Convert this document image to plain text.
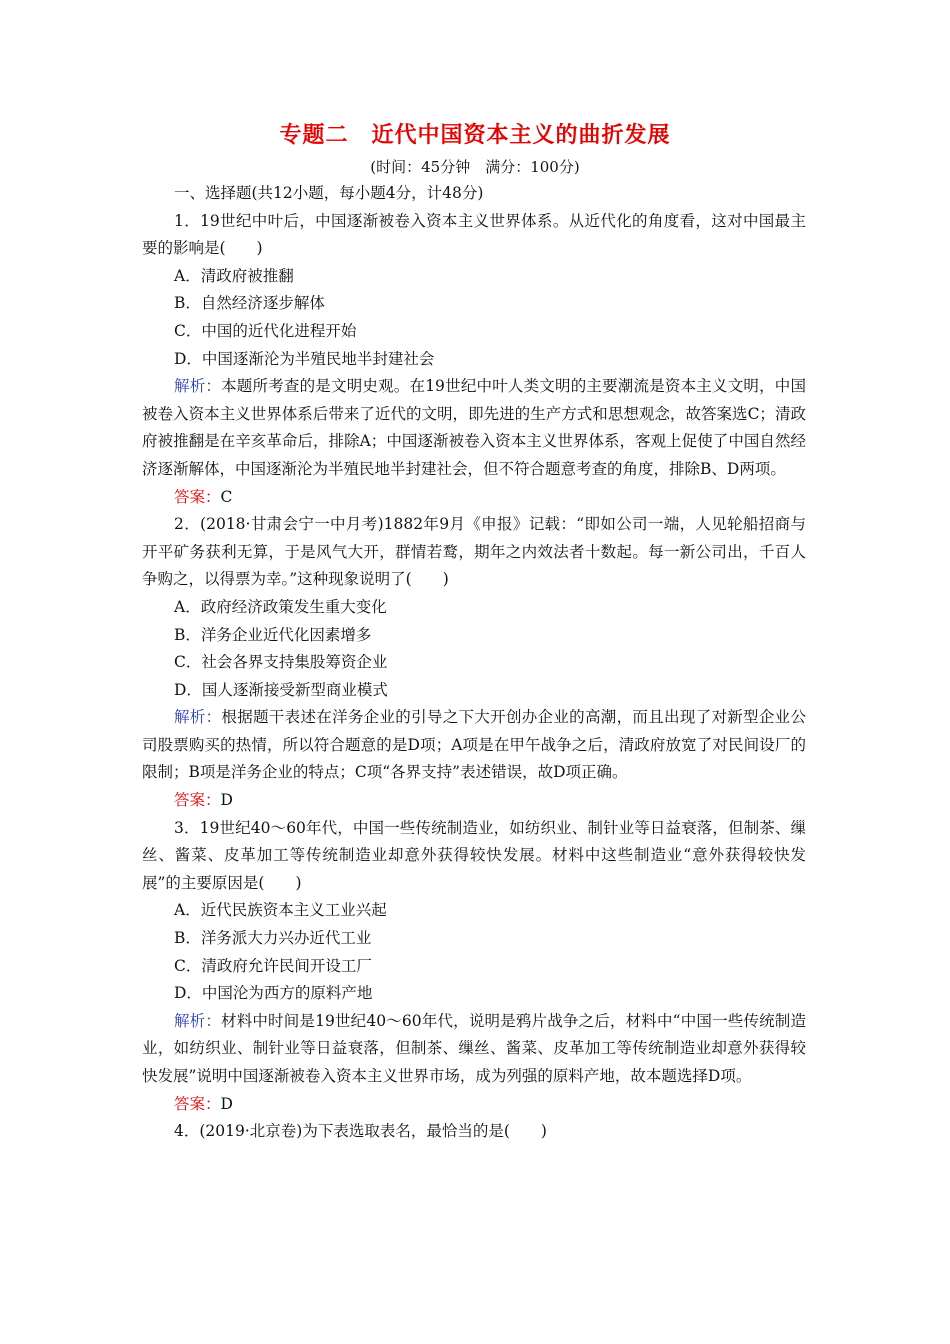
专题二　近代中国资本主义的曲折发展
(时间：45分钟　满分：100分)

一、选择题(共12小题，每小题4分，计48分)

1．19世纪中叶后，中国逐渐被卷入资本主义世界体系。从近代化的角度看，这对中国最主要的影响是(　　)

A．清政府被推翻

B．自然经济逐步解体

C．中国的近代化进程开始

D．中国逐渐沦为半殖民地半封建社会

解析：本题所考查的是文明史观。在19世纪中叶人类文明的主要潮流是资本主义文明，中国被卷入资本主义世界体系后带来了近代的文明，即先进的生产方式和思想观念，故答案选C；清政府被推翻是在辛亥革命后，排除A；中国逐渐被卷入资本主义世界体系，客观上促使了中国自然经济逐渐解体，中国逐渐沦为半殖民地半封建社会，但不符合题意考查的角度，排除B、D两项。

答案：C

2．(2018·甘肃会宁一中月考)1882年9月《申报》记载：“即如公司一端，人见轮船招商与开平矿务获利无算，于是风气大开，群情若鹜，期年之内效法者十数起。每一新公司出，千百人争购之，以得票为幸。”这种现象说明了(　　)

A．政府经济政策发生重大变化

B．洋务企业近代化因素增多

C．社会各界支持集股筹资企业

D．国人逐渐接受新型商业模式

解析：根据题干表述在洋务企业的引导之下大开创办企业的高潮，而且出现了对新型企业公司股票购买的热情，所以符合题意的是D项；A项是在甲午战争之后，清政府放宽了对民间设厂的限制；B项是洋务企业的特点；C项“各界支持”表述错误，故D项正确。

答案：D

3．19世纪40～60年代，中国一些传统制造业，如纺织业、制针业等日益衰落，但制茶、缫丝、酱菜、皮革加工等传统制造业却意外获得较快发展。材料中这些制造业“意外获得较快发展”的主要原因是(　　)

A．近代民族资本主义工业兴起

B．洋务派大力兴办近代工业

C．清政府允许民间开设工厂

D．中国沦为西方的原料产地

解析：材料中时间是19世纪40～60年代，说明是鸦片战争之后，材料中“中国一些传统制造业，如纺织业、制针业等日益衰落，但制茶、缫丝、酱菜、皮革加工等传统制造业却意外获得较快发展”说明中国逐渐被卷入资本主义世界市场，成为列强的原料产地，故本题选择D项。

答案：D

4．(2019·北京卷)为下表选取表名，最恰当的是(　　)
